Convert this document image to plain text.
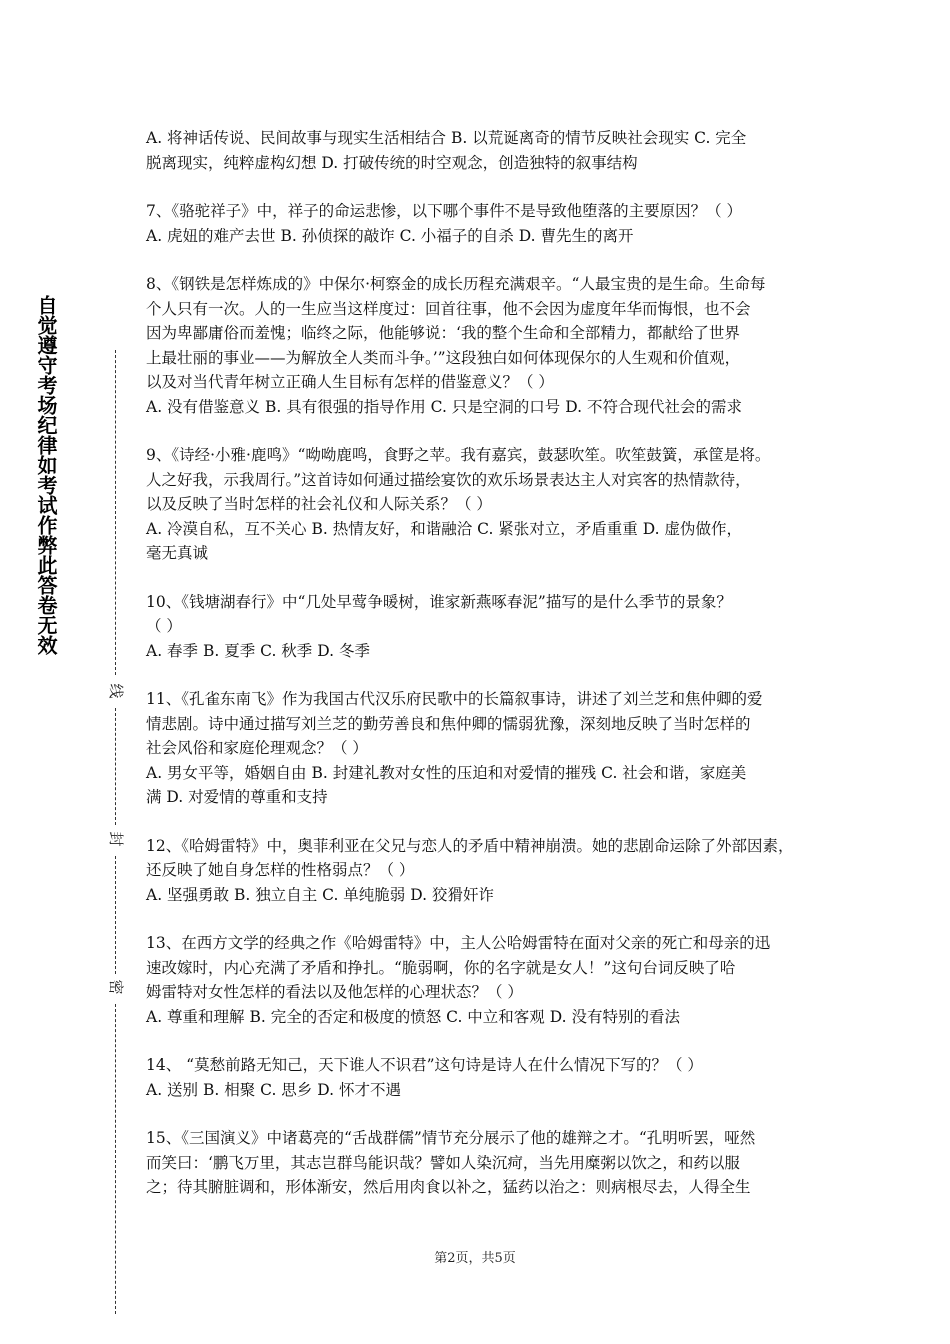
自觉遵守考场纪律如考试作弊此答卷无效
线
封
密

A. 将神话传说、民间故事与现实生活相结合 B. 以荒诞离奇的情节反映社会现实 C. 完全

脱离现实，纯粹虚构幻想 D. 打破传统的时空观念，创造独特的叙事结构

7、《骆驼祥子》中，祥子的命运悲惨，以下哪个事件不是导致他堕落的主要原因？（ ）

A. 虎妞的难产去世 B. 孙侦探的敲诈 C. 小福子的自杀 D. 曹先生的离开

8、《钢铁是怎样炼成的》中保尔·柯察金的成长历程充满艰辛。“人最宝贵的是生命。生命每

个人只有一次。人的一生应当这样度过：回首往事，他不会因为虚度年华而悔恨，也不会

因为卑鄙庸俗而羞愧；临终之际，他能够说：‘我的整个生命和全部精力，都献给了世界

上最壮丽的事业——为解放全人类而斗争。’”这段独白如何体现保尔的人生观和价值观，

以及对当代青年树立正确人生目标有怎样的借鉴意义？（ ）

A. 没有借鉴意义 B. 具有很强的指导作用 C. 只是空洞的口号 D. 不符合现代社会的需求

9、《诗经·小雅·鹿鸣》“呦呦鹿鸣，食野之苹。我有嘉宾，鼓瑟吹笙。吹笙鼓簧，承筐是将。

人之好我，示我周行。”这首诗如何通过描绘宴饮的欢乐场景表达主人对宾客的热情款待，

以及反映了当时怎样的社会礼仪和人际关系？（ ）

A. 冷漠自私，互不关心 B. 热情友好，和谐融洽 C. 紧张对立，矛盾重重 D. 虚伪做作，

毫无真诚

10、《钱塘湖春行》中“几处早莺争暖树，谁家新燕啄春泥”描写的是什么季节的景象？

（ ）

A. 春季 B. 夏季 C. 秋季 D. 冬季

11、《孔雀东南飞》作为我国古代汉乐府民歌中的长篇叙事诗，讲述了刘兰芝和焦仲卿的爱

情悲剧。诗中通过描写刘兰芝的勤劳善良和焦仲卿的懦弱犹豫，深刻地反映了当时怎样的

社会风俗和家庭伦理观念？（ ）

A. 男女平等，婚姻自由 B. 封建礼教对女性的压迫和对爱情的摧残 C. 社会和谐，家庭美

满 D. 对爱情的尊重和支持

12、《哈姆雷特》中，奥菲利亚在父兄与恋人的矛盾中精神崩溃。她的悲剧命运除了外部因素，

还反映了她自身怎样的性格弱点？（ ）

A. 坚强勇敢 B. 独立自主 C. 单纯脆弱 D. 狡猾奸诈

13、在西方文学的经典之作《哈姆雷特》中，主人公哈姆雷特在面对父亲的死亡和母亲的迅

速改嫁时，内心充满了矛盾和挣扎。“脆弱啊，你的名字就是女人！”这句台词反映了哈

姆雷特对女性怎样的看法以及他怎样的心理状态？（ ）

A. 尊重和理解 B. 完全的否定和极度的愤怒 C. 中立和客观 D. 没有特别的看法

14、 “莫愁前路无知己，天下谁人不识君”这句诗是诗人在什么情况下写的？（ ）

A. 送别 B. 相聚 C. 思乡 D. 怀才不遇

15、《三国演义》中诸葛亮的“舌战群儒”情节充分展示了他的雄辩之才。“孔明听罢，哑然

而笑曰：‘鹏飞万里，其志岂群鸟能识哉？譬如人染沉疴，当先用糜粥以饮之，和药以服

之；待其腑脏调和，形体渐安，然后用肉食以补之，猛药以治之：则病根尽去，人得全生

第2页，共5页
